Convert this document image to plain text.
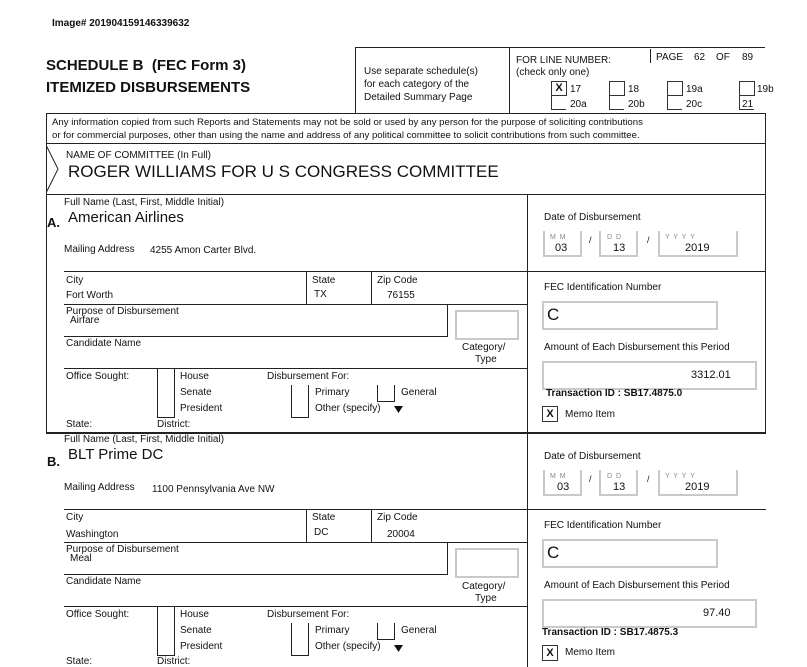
Image# 201904159146339632
SCHEDULE B  (FEC Form 3)
ITEMIZED DISBURSEMENTS
Use separate schedule(s)
for each category of the
Detailed Summary Page
FOR LINE NUMBER:
(check only one)
PAGE 62 OF 89
X 17
20a
18
20b
19a
20c
19b
21
Any information copied from such Reports and Statements may not be sold or used by any person for the purpose of soliciting contributions
or for commercial purposes, other than using the name and address of any political committee to solicit contributions from such committee.
NAME OF COMMITTEE (In Full)
ROGER WILLIAMS FOR U S CONGRESS COMMITTEE
Full Name (Last, First, Middle Initial)
A. American Airlines
Mailing Address 4255 Amon Carter Blvd.
City
Fort Worth
State
TX
Zip Code
76155
Purpose of Disbursement
Airfare
Candidate Name	Category/
Type
Office Sought:	House
Senate
President
Disbursement For:
Primary
Other (specify)
General
State:	District:
Date of Disbursement
M M
03
/ D D
13
/ Y Y Y Y
2019
FEC Identification Number
C
Amount of Each Disbursement this Period
3312.01
Transaction ID : SB17.4875.0
X	Memo Item
Full Name (Last, First, Middle Initial)
B. BLT Prime DC
Mailing Address 1100 Pennsylvania Ave NW
City
Washington
State
DC
Zip Code
20004
Purpose of Disbursement
Meal
Candidate Name	Category/
Type
Office Sought:	House
Senate
President
Disbursement For:
Primary
Other (specify)
General
State:	District:
Date of Disbursement
M M
03
/ D D
13
/ Y Y Y Y
2019
FEC Identification Number
C
Amount of Each Disbursement this Period
97.40
Transaction ID : SB17.4875.3
X	Memo Item
